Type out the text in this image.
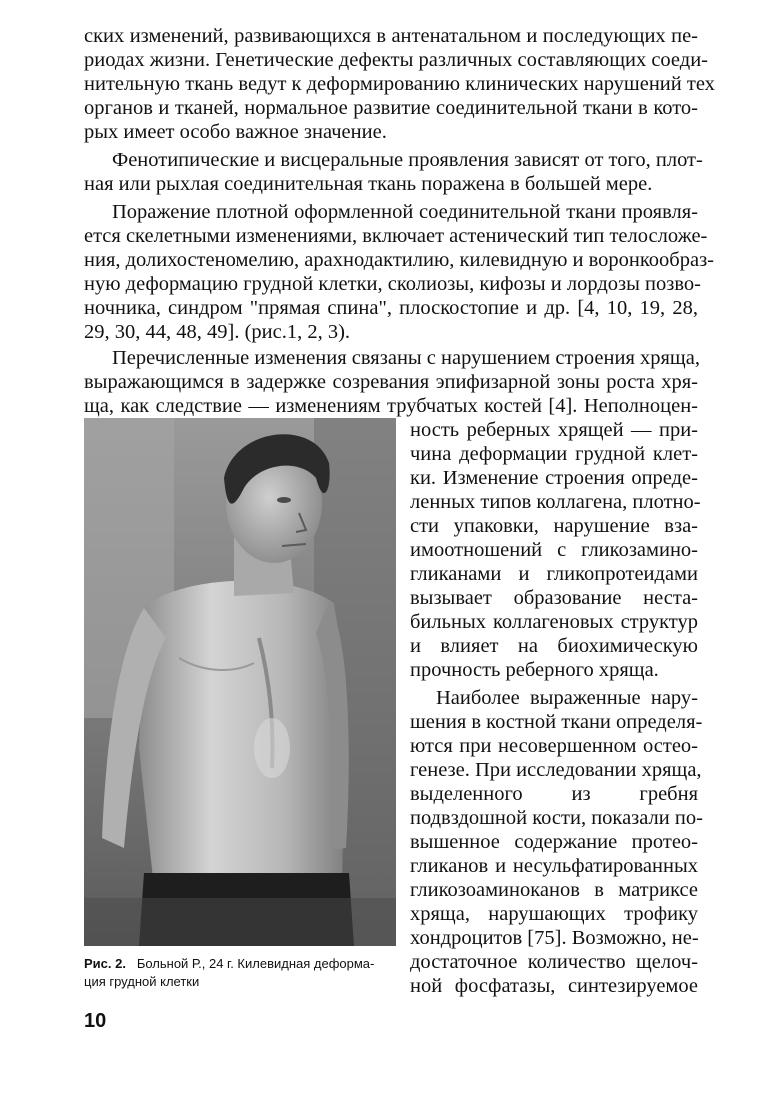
ских изменений, развивающихся в антенатальном и последующих пе-
риодах жизни. Генетические дефекты различных составляющих соеди-
нительную ткань ведут к деформированию клинических нарушений тех
органов и тканей, нормальное развитие соединительной ткани в кото-
рых имеет особо важное значение.
Фенотипические и висцеральные проявления зависят от того, плот-
ная или рыхлая соединительная ткань поражена в большей мере.
Поражение плотной оформленной соединительной ткани проявля-
ется скелетными изменениями, включает астенический тип телосложе-
ния, долихостеномелию, арахнодактилию, килевидную и воронкообраз-
ную деформацию грудной клетки, сколиозы, кифозы и лордозы позво-
ночника, синдром "прямая спина", плоскостопие и др. [4, 10, 19, 28,
29, 30, 44, 48, 49]. (рис.1, 2, 3).
Перечисленные изменения связаны с нарушением строения хряща,
выражающимся в задержке созревания эпифизарной зоны роста хря-
ща, как следствие — изменениям трубчатых костей [4]. Неполноцен-
ность реберных хрящей — при-
чина деформации грудной клет-
ки. Изменение строения опреде-
ленных типов коллагена, плотно-
сти упаковки, нарушение вза-
имоотношений с гликозамино-
гликанами и гликопротеидами
вызывает образование неста-
бильных коллагеновых структур
и влияет на биохимическую
прочность реберного хряща.
Наиболее выраженные нару-
шения в костной ткани определя-
ются при несовершенном остео-
генезе. При исследовании хряща,
выделенного из гребня
подвздошной кости, показали по-
вышенное содержание протео-
гликанов и несульфатированных
гликозоаминоканов в матриксе
хряща, нарушающих трофику
хондроцитов [75]. Возможно, не-
достаточное количество щелоч-
ной фосфатазы, синтезируемое
Рис. 2. Больной Р., 24 г. Килевидная деформа-
ция грудной клетки
10
